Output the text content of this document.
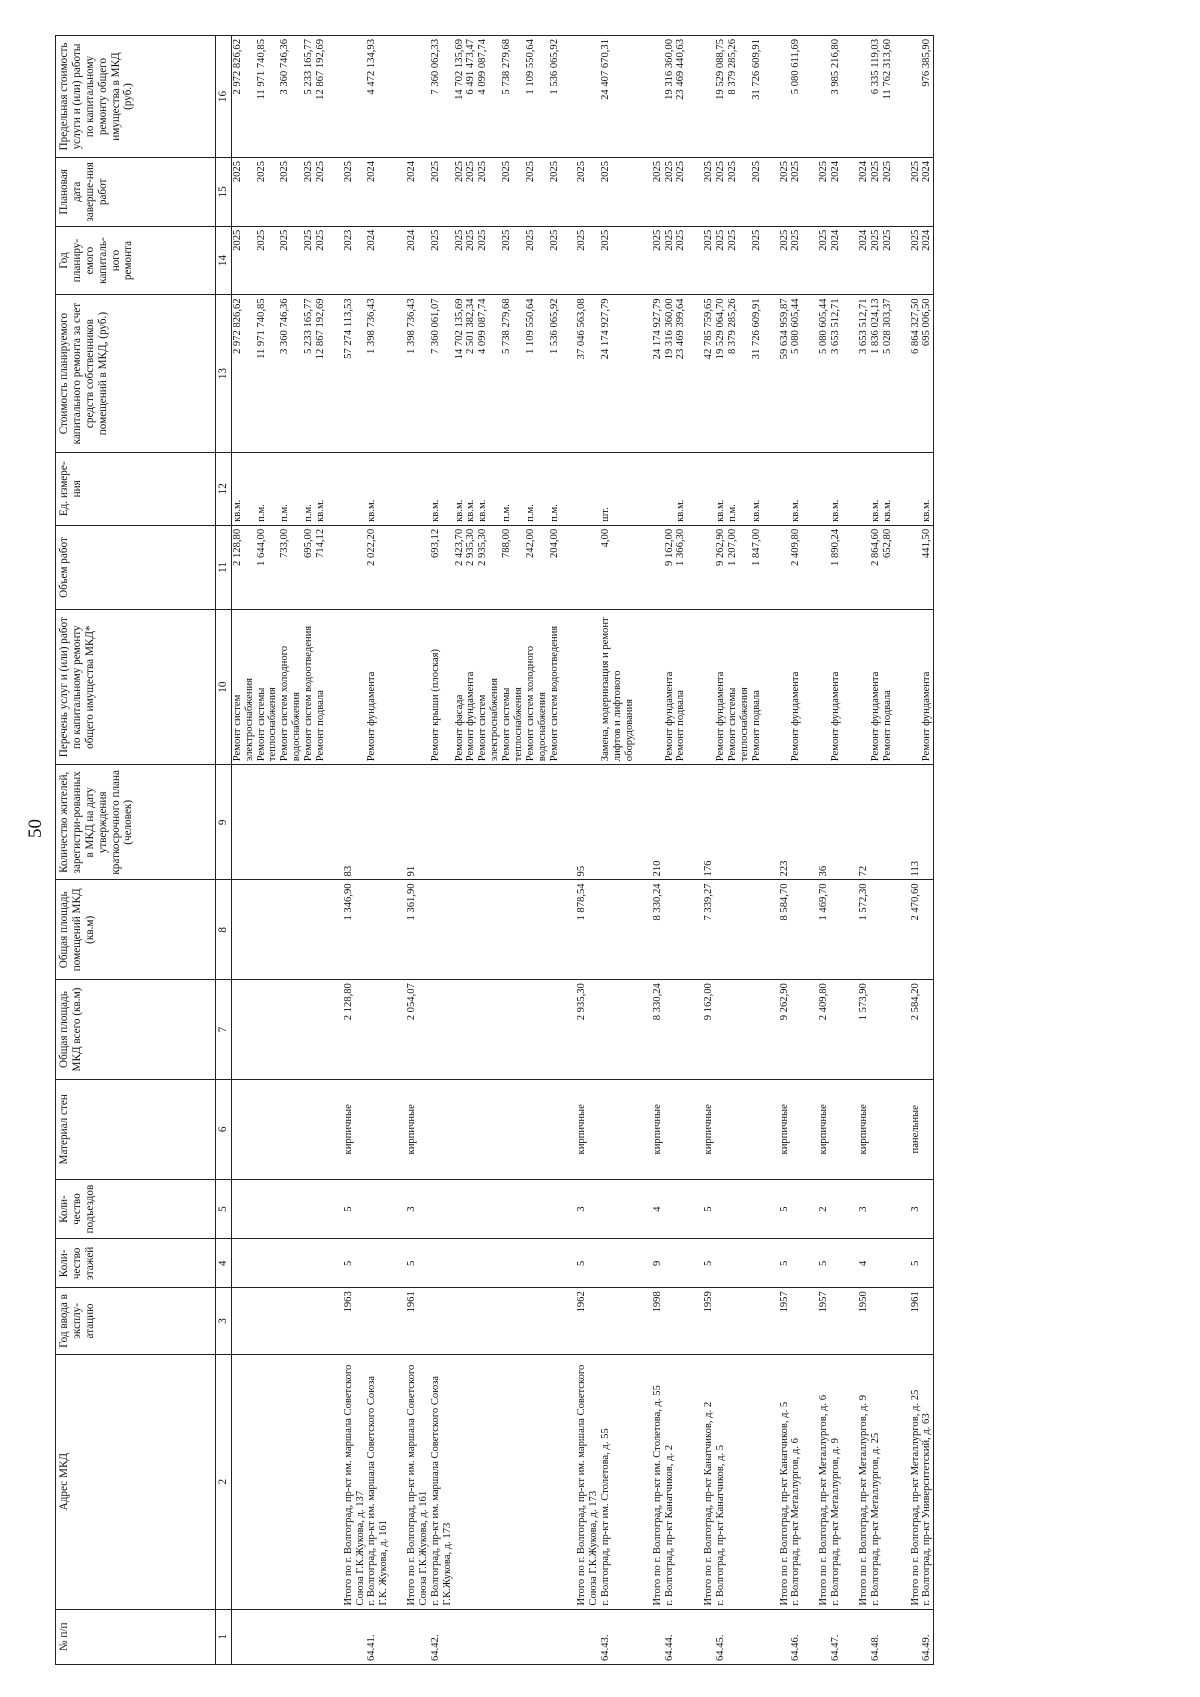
50
№ п/п	Адрес МКД	Год ввода в эксплу-атацию	Коли-чество этажей	Коли-чество подъездов	Материал стен	Общая площадь МКД всего (кв.м)	Общая площадь помещений МКД (кв.м)	Количество жителей, зарегистри-рованных в МКД на дату утверждения краткосрочного плана (человек)	Перечень услуг и (или) работ по капитальному ремонту общего имущества МКД*	Объем работ	Ед. измере-ния	Стоимость планируемого капитального ремонта за счет средств собственников помещений в МКД, (руб.)	Год планиру-емого капиталь-ного ремонта	Плановая дата заверше-ния работ	Предельная стоимость услуги и (или) работы по капитальному ремонту общего имущества в МКД (руб.)
1	2	3	4	5	6	7	8	9	10	11	12	13	14	15	16
									Ремонт систем электроснабжения	2 128,80	кв.м.	2 972 826,62	2025	2025	2 972 826,62
									Ремонт системы теплоснабжения	1 644,00	п.м.	11 971 740,85	2025	2025	11 971 740,85
									Ремонт систем холодного водоснабжения	733,00	п.м.	3 360 746,36	2025	2025	3 360 746,36
									Ремонт систем водоотведения	695,00	п.м.	5 233 165,77	2025	2025	5 233 165,77
									Ремонт подвала	714,12	кв.м.	12 867 192,69	2025	2025	12 867 192,69
	Итого по г. Волгоград, пр-кт им. маршала Советского Союза Г.К.Жукова, д. 137	1963	5	5	кирпичные	2 128,80	1 346,90	83				57 274 113,53	2023	2025	
64.41.	г. Волгоград, пр-кт им. маршала Советского Союза Г.К. Жукова, д. 161								Ремонт фундамента	2 022,20	кв.м.	1 398 736,43	2024	2024	4 472 134,93
	Итого по г. Волгоград, пр-кт им. маршала Советского Союза Г.К.Жукова, д. 161	1961	5	3	кирпичные	2 054,07	1 361,90	91				1 398 736,43	2024	2024	
64.42.	г. Волгоград, пр-кт им. маршала Советского Союза Г.К.Жукова, д. 173								Ремонт крыши (плоская)	693,12	кв.м.	7 360 061,07	2025	2025	7 360 062,33
									Ремонт фасада	2 423,70	кв.м.	14 702 135,69	2025	2025	14 702 135,69
									Ремонт фундамента	2 935,30	кв.м.	2 501 382,34	2025	2025	6 491 473,47
									Ремонт систем электроснабжения	2 935,30	кв.м.	4 099 087,74	2025	2025	4 099 087,74
									Ремонт системы теплоснабжения	788,00	п.м.	5 738 279,68	2025	2025	5 738 279,68
									Ремонт систем холодного водоснабжения	242,00	п.м.	1 109 550,64	2025	2025	1 109 550,64
									Ремонт систем водоотведения	204,00	п.м.	1 536 065,92	2025	2025	1 536 065,92
	Итого по г. Волгоград, пр-кт им. маршала Советского Союза Г.К.Жукова, д. 173	1962	5	3	кирпичные	2 935,30	1 878,54	95				37 046 563,08	2025	2025	
64.43.	г. Волгоград, пр-кт им. Столетова, д. 55								Замена, модернизация и ремонт лифтов и лифтового оборудования	4,00	шт.	24 174 927,79	2025	2025	24 407 670,31
	Итого по г. Волгоград, пр-кт им. Столетова, д. 55	1998	9	4	кирпичные	8 330,24	8 330,24	210				24 174 927,79	2025	2025	
64.44.	г. Волгоград, пр-кт Канатчиков, д. 2								Ремонт фундамента	9 162,00		19 316 360,00	2025	2025	19 316 360,00
									Ремонт подвала	1 366,30	кв.м.	23 469 399,64	2025	2025	23 469 440,63
	Итого по г. Волгоград, пр-кт Канатчиков, д. 2	1959	5	5	кирпичные	9 162,00	7 339,27	176				42 785 759,65	2025	2025	
64.45.	г. Волгоград, пр-кт Канатчиков, д. 5								Ремонт фундамента	9 262,90	кв.м.	19 529 064,70	2025	2025	19 529 088,75
									Ремонт системы теплоснабжения	1 207,00	п.м.	8 379 285,26	2025	2025	8 379 285,26
									Ремонт подвала	1 847,00	кв.м.	31 726 609,91	2025	2025	31 726 609,91
	Итого по г. Волгоград, пр-кт Канатчиков, д. 5	1957	5	5	кирпичные	9 262,90	8 584,70	223				59 634 959,87	2025	2025	
64.46.	г. Волгоград, пр-кт Металлургов, д. 6								Ремонт фундамента	2 409,80	кв.м.	5 080 605,44	2025	2025	5 080 611,69
	Итого по г. Волгоград, пр-кт Металлургов, д. 6	1957	5	2	кирпичные	2 409,80	1 469,70	36				5 080 605,44	2025	2025	
64.47.	г. Волгоград, пр-кт Металлургов, д. 9								Ремонт фундамента	1 890,24	кв.м.	3 653 512,71	2024	2024	3 985 216,80
	Итого по г. Волгоград, пр-кт Металлургов, д. 9	1950	4	3	кирпичные	1 573,90	1 572,30	72				3 653 512,71	2024	2024	
64.48.	г. Волгоград, пр-кт Металлургов, д. 25								Ремонт фундамента	2 864,60	кв.м.	1 836 024,13	2025	2025	6 335 119,03
									Ремонт подвала	652,80	кв.м.	5 028 303,37	2025	2025	11 762 313,60
	Итого по г. Волгоград, пр-кт Металлургов, д. 25	1961	5	3	панельные	2 584,20	2 470,60	113				6 864 327,50	2025	2025	
64.49.	г. Волгоград, пр-кт Университетский, д. 63								Ремонт фундамента	441,50	кв.м.	695 006,50	2024	2024	976 385,90
